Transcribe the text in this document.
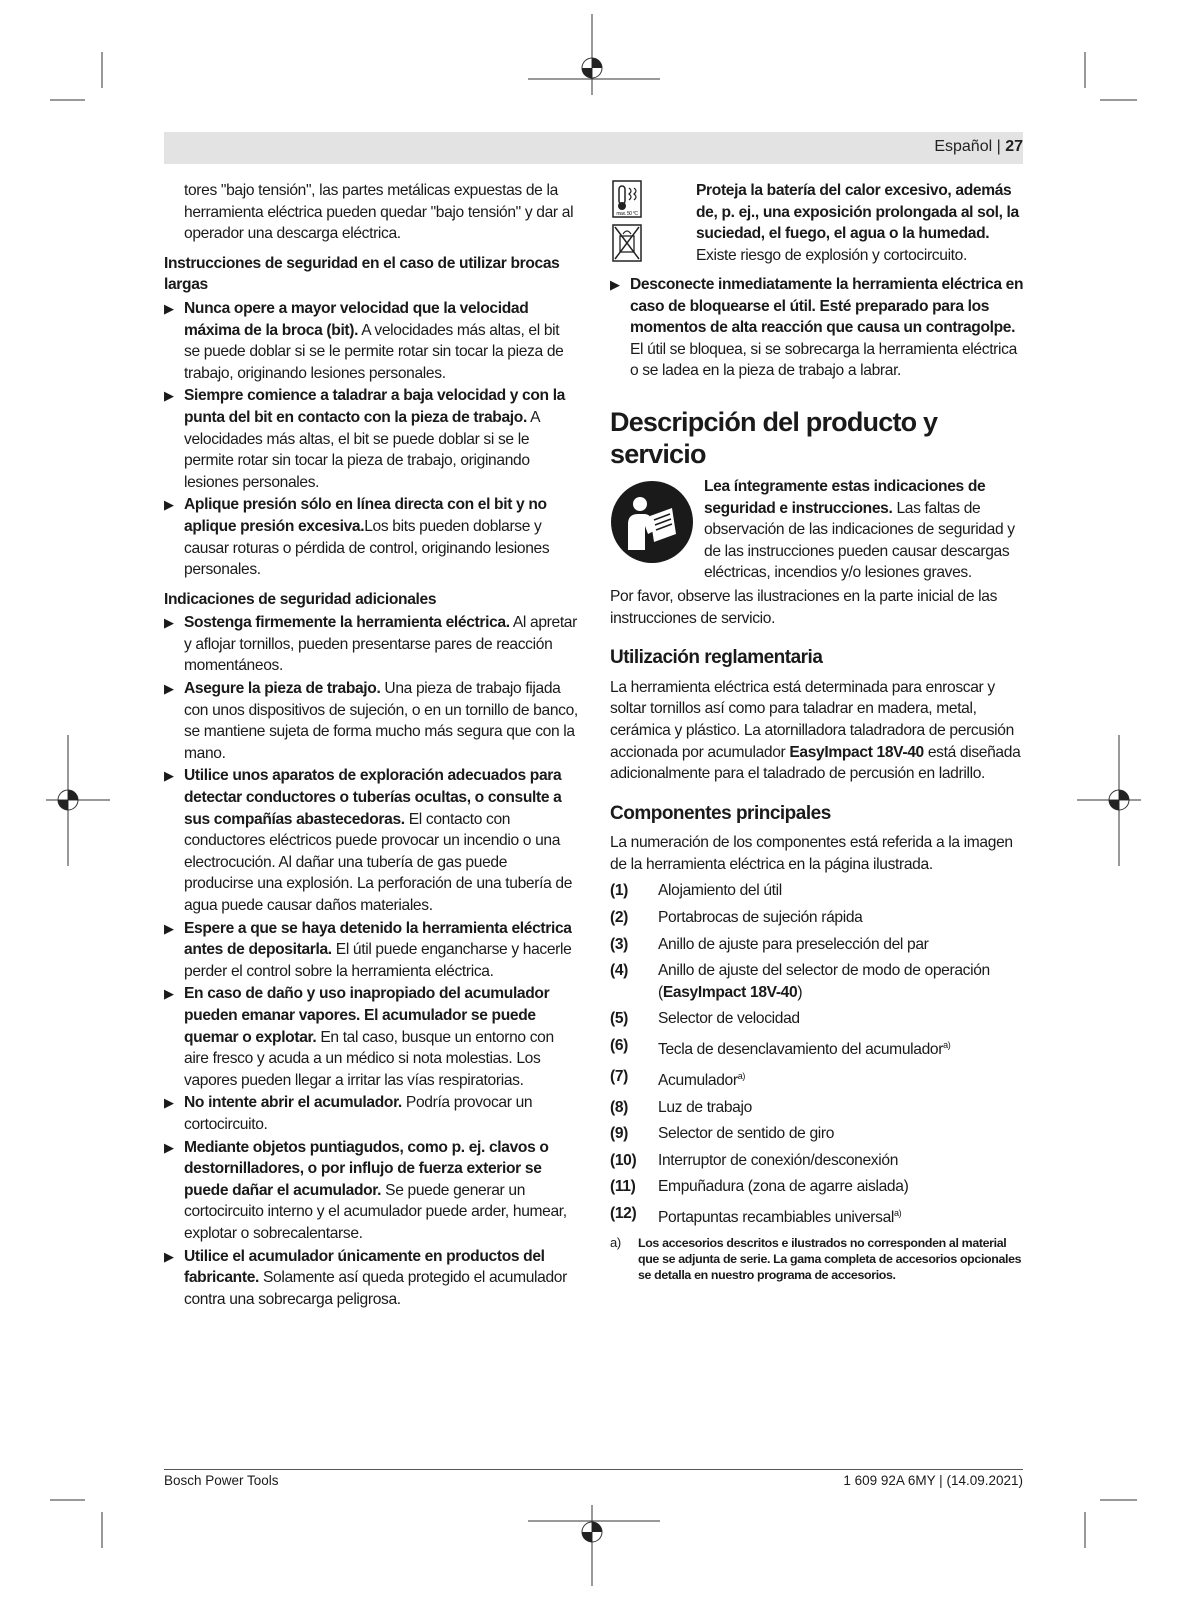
Español | 27

tores "bajo tensión", las partes metálicas expuestas de la herramienta eléctrica pueden quedar "bajo tensión" y dar al operador una descarga eléctrica.

Instrucciones de seguridad en el caso de utilizar brocas largas

▶ Nunca opere a mayor velocidad que la velocidad máxima de la broca (bit). A velocidades más altas, el bit se puede doblar si se le permite rotar sin tocar la pieza de trabajo, originando lesiones personales.
▶ Siempre comience a taladrar a baja velocidad y con la punta del bit en contacto con la pieza de trabajo. A velocidades más altas, el bit se puede doblar si se le permite rotar sin tocar la pieza de trabajo, originando lesiones personales.
▶ Aplique presión sólo en línea directa con el bit y no aplique presión excesiva.Los bits pueden doblarse y causar roturas o pérdida de control, originando lesiones personales.

Indicaciones de seguridad adicionales

▶ Sostenga firmemente la herramienta eléctrica. Al apretar y aflojar tornillos, pueden presentarse pares de reacción momentáneos.
▶ Asegure la pieza de trabajo. Una pieza de trabajo fijada con unos dispositivos de sujeción, o en un tornillo de banco, se mantiene sujeta de forma mucho más segura que con la mano.
▶ Utilice unos aparatos de exploración adecuados para detectar conductores o tuberías ocultas, o consulte a sus compañías abastecedoras. El contacto con conductores eléctricos puede provocar un incendio o una electrocución. Al dañar una tubería de gas puede producirse una explosión. La perforación de una tubería de agua puede causar daños materiales.
▶ Espere a que se haya detenido la herramienta eléctrica antes de depositarla. El útil puede engancharse y hacerle perder el control sobre la herramienta eléctrica.
▶ En caso de daño y uso inapropiado del acumulador pueden emanar vapores. El acumulador se puede quemar o explotar. En tal caso, busque un entorno con aire fresco y acuda a un médico si nota molestias. Los vapores pueden llegar a irritar las vías respiratorias.
▶ No intente abrir el acumulador. Podría provocar un cortocircuito.
▶ Mediante objetos puntiagudos, como p. ej. clavos o destornilladores, o por influjo de fuerza exterior se puede dañar el acumulador. Se puede generar un cortocircuito interno y el acumulador puede arder, humear, explotar o sobrecalentarse.
▶ Utilice el acumulador únicamente en productos del fabricante. Solamente así queda protegido el acumulador contra una sobrecarga peligrosa.
max. 50 °C

Proteja la batería del calor excesivo, además de, p. ej., una exposición prolongada al sol, la suciedad, el fuego, el agua o la humedad. Existe riesgo de explosión y cortocircuito.

▶ Desconecte inmediatamente la herramienta eléctrica en caso de bloquearse el útil. Esté preparado para los momentos de alta reacción que causa un contragolpe. El útil se bloquea, si se sobrecarga la herramienta eléctrica o se ladea en la pieza de trabajo a labrar.
Descripción del producto y servicio

Lea íntegramente estas indicaciones de seguridad e instrucciones. Las faltas de observación de las indicaciones de seguridad y de las instrucciones pueden causar descargas eléctricas, incendios y/o lesiones graves.

Por favor, observe las ilustraciones en la parte inicial de las instrucciones de servicio.

Utilización reglamentaria

La herramienta eléctrica está determinada para enroscar y soltar tornillos así como para taladrar en madera, metal, cerámica y plástico. La atornilladora taladradora de percusión accionada por acumulador EasyImpact 18V-40 está diseñada adicionalmente para el taladrado de percusión en ladrillo.

Componentes principales

La numeración de los componentes está referida a la imagen de la herramienta eléctrica en la página ilustrada.

(1)	Alojamiento del útil
(2)	Portabrocas de sujeción rápida
(3)	Anillo de ajuste para preselección del par
(4)	Anillo de ajuste del selector de modo de operación
(EasyImpact 18V-40)
(5)	Selector de velocidad
(6)	Tecla de desenclavamiento del acumulador$^{a)}$
(7)	Acumulador$^{a)}$
(8)	Luz de trabajo
(9)	Selector de sentido de giro
(10)	Interruptor de conexión/desconexión
(11)	Empuñadura (zona de agarre aislada)
(12)	Portapuntas recambiables universal$^{a)}$
a)	Los accesorios descritos e ilustrados no corresponden al material que se adjunta de serie. La gama completa de accesorios opcionales se detalla en nuestro programa de accesorios.
Bosch Power Tools	1 609 92A 6MY | (14.09.2021)
